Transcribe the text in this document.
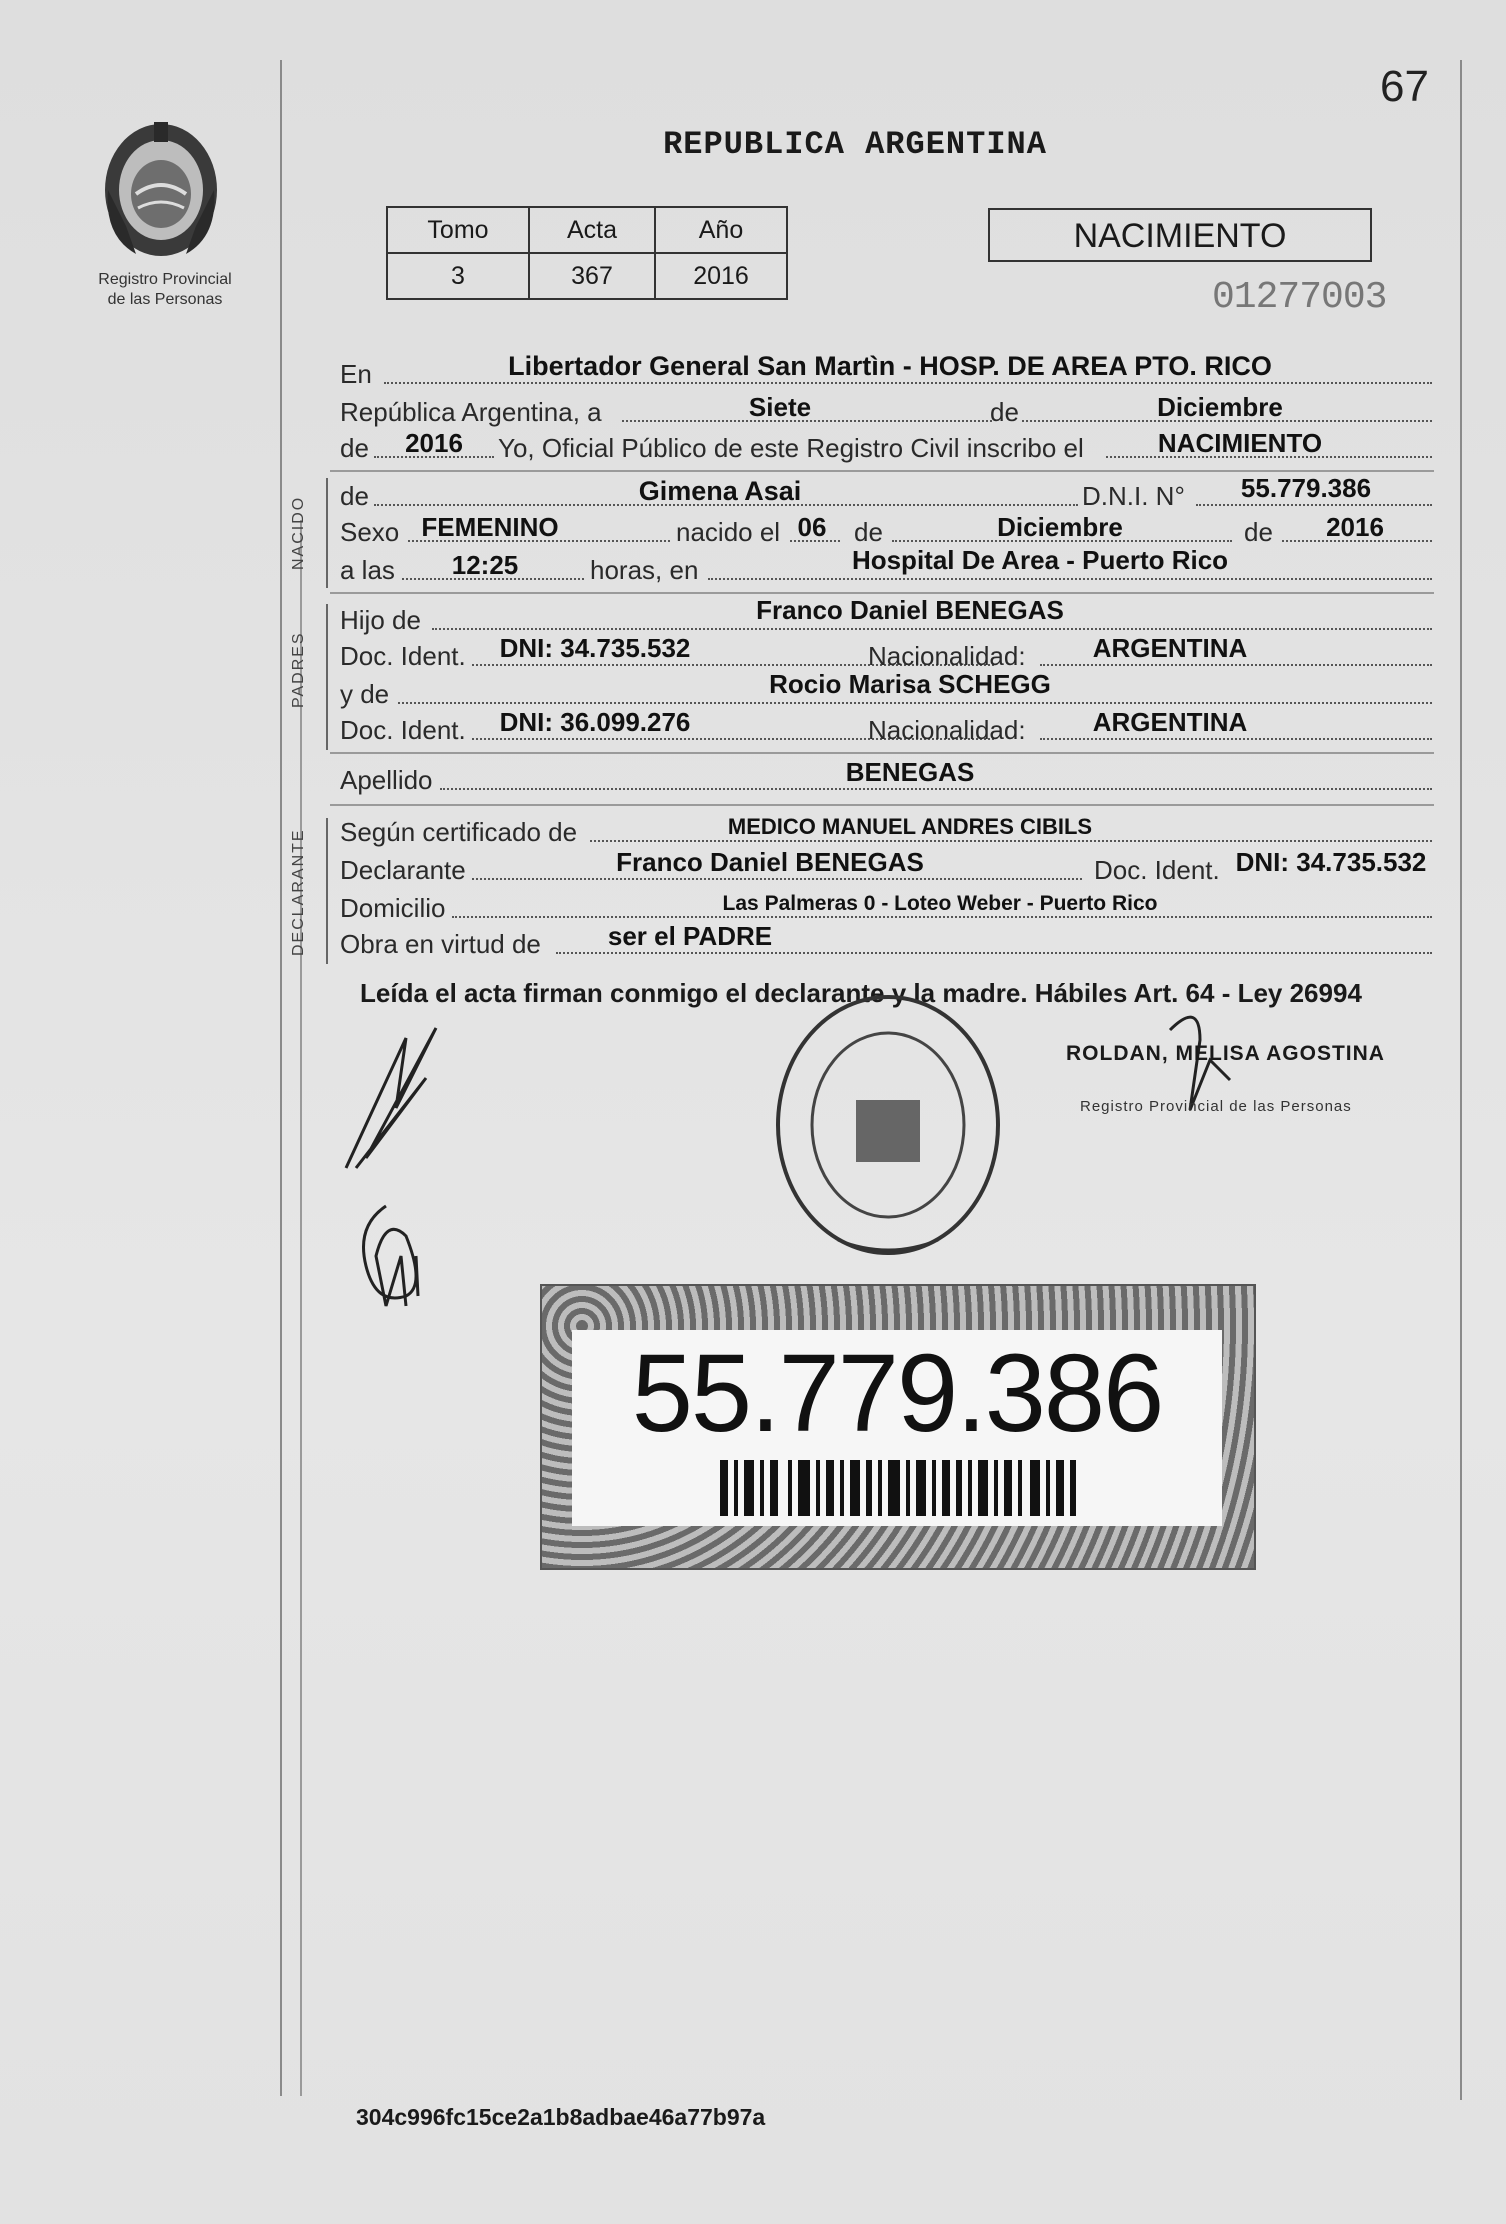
Registro Provincial
de las Personas
67
REPUBLICA ARGENTINA
Tomo	Acta	Año
3	367	2016
NACIMIENTO
01277003
En	Libertador General San Martìn - HOSP. DE AREA PTO. RICO
República Argentina, a	Siete	de	Diciembre
de	2016	Yo, Oficial Público de este Registro Civil inscribo el	NACIMIENTO
NACIDO de	Gimena Asai	D.N.I. N°	55.779.386
Sexo FEMENINO	nacido el 06 de	Diciembre	de	2016
a las	12:25	horas, en	Hospital De Area - Puerto Rico
PADRES
Hijo de	Franco Daniel BENEGAS
Doc. Ident.	DNI: 34.735.532	Nacionalidad:	ARGENTINA
y de	Rocio Marisa SCHEGG
Doc. Ident.	DNI: 36.099.276	Nacionalidad:	ARGENTINA
Apellido	BENEGAS
DECLARANTE Según certificado de	MEDICO MANUEL ANDRES CIBILS
Declarante	Franco Daniel BENEGAS	Doc. Ident. DNI: 34.735.532
Domicilio	Las Palmeras 0 - Loteo Weber - Puerto Rico
Obra en virtud de	ser el PADRE
Leída el acta firman conmigo el declarante y la madre. Hábiles Art. 64 - Ley 26994
ROLDAN, MELISA AGOSTINA
Registro Provincial de las Personas
55.779.386
304c996fc15ce2a1b8adbae46a77b97a
